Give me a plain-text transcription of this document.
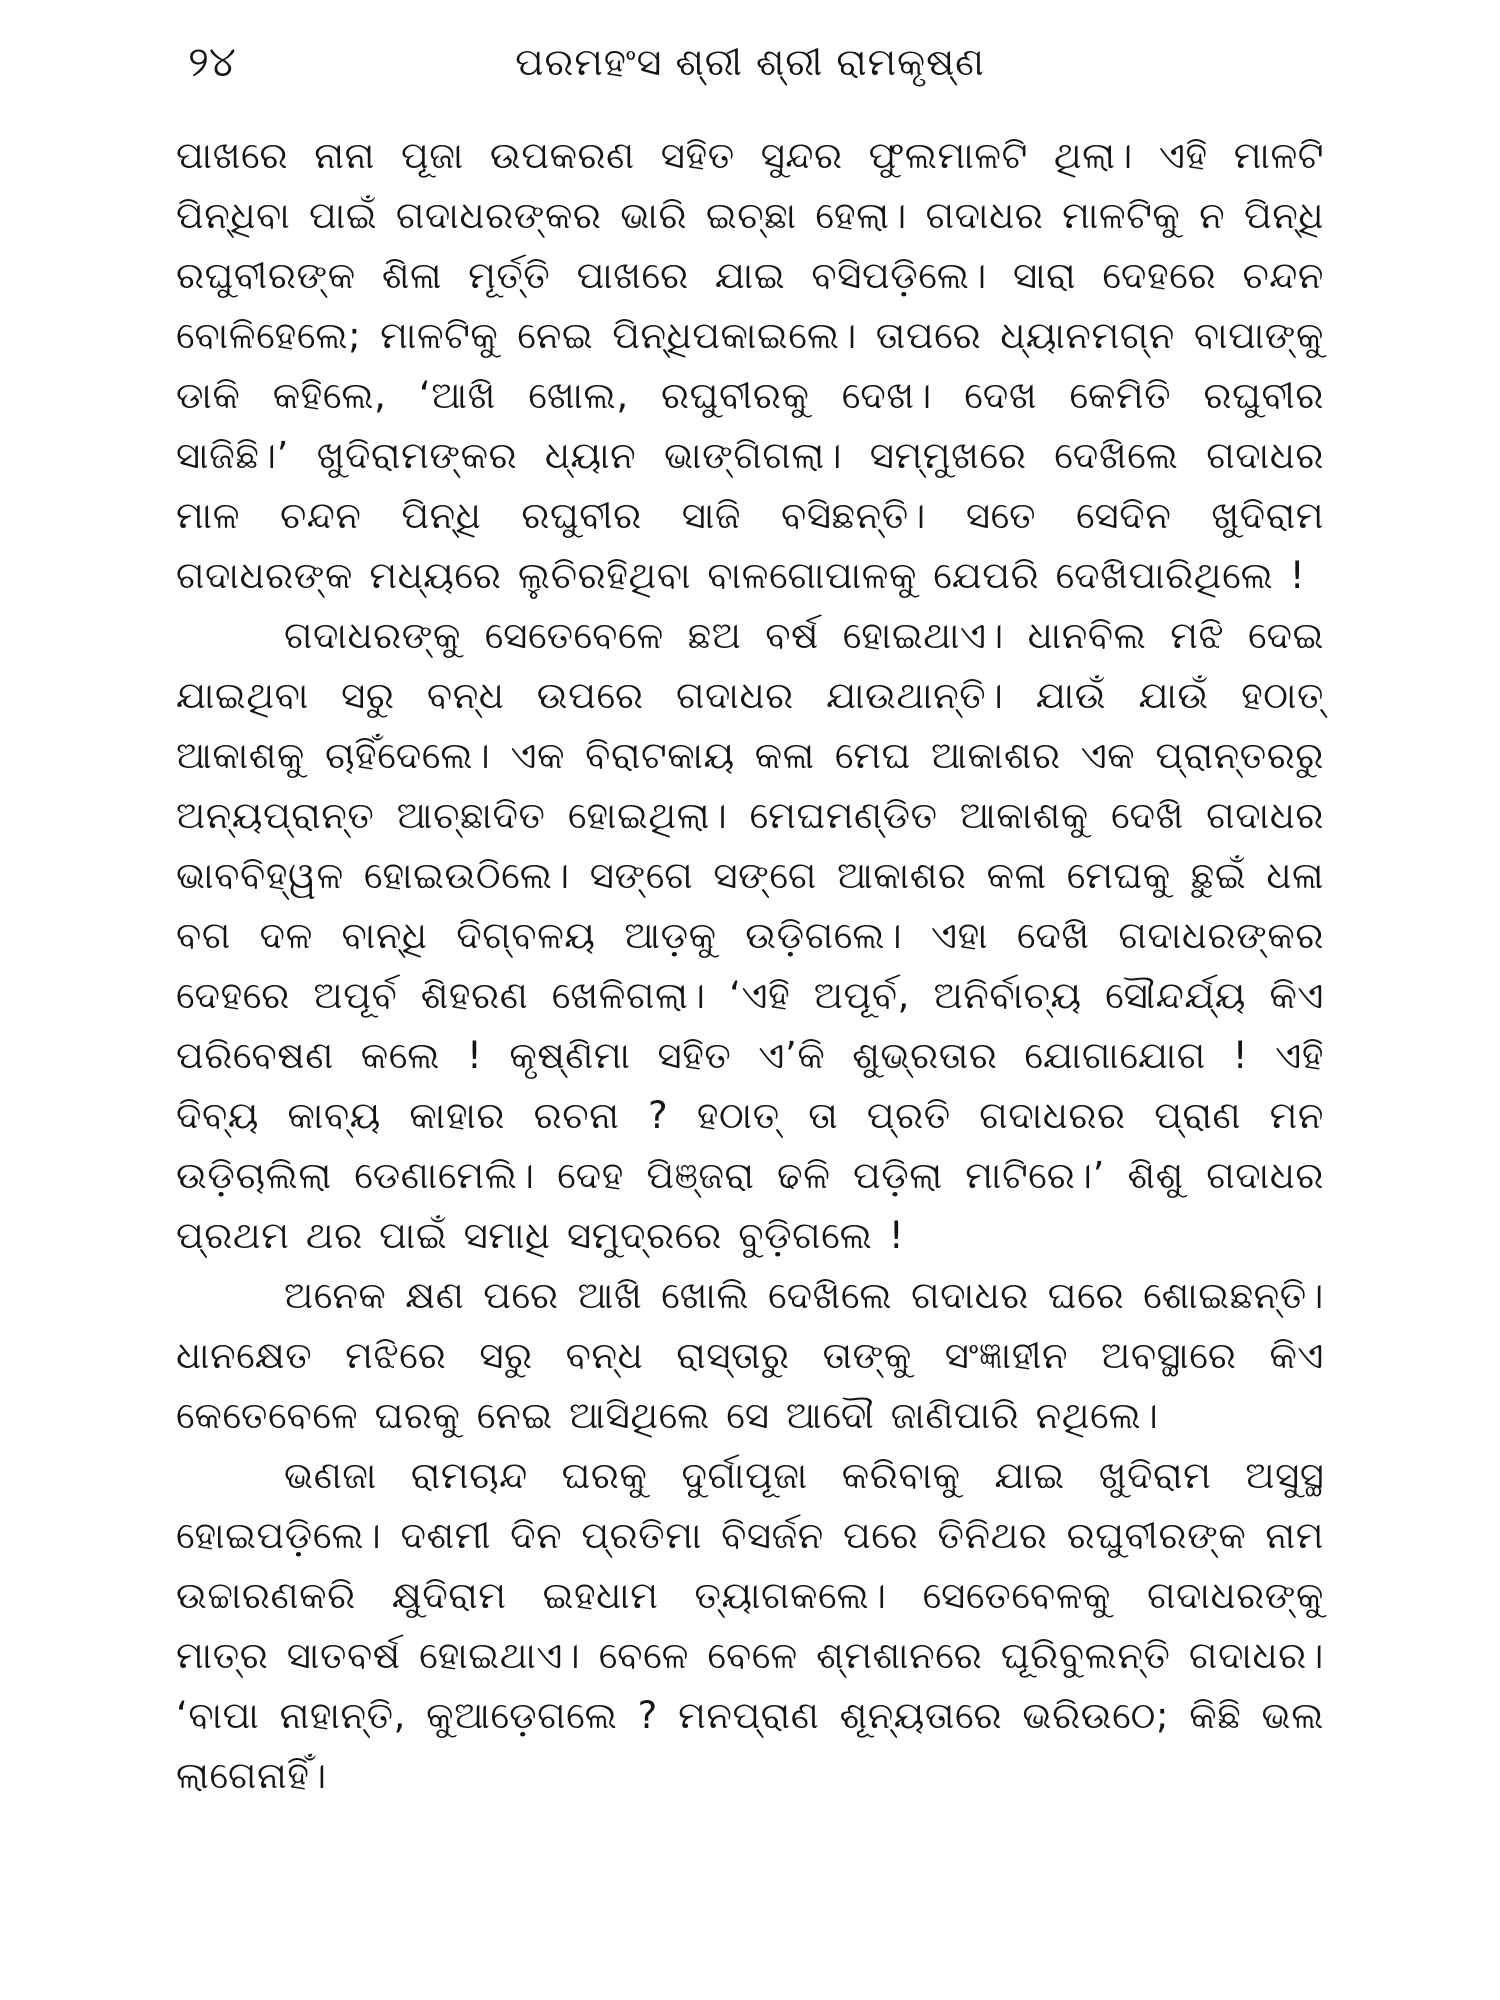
୨୪	ପରମହଂସ ଶ୍ରୀ ଶ୍ରୀ ରାମକୃଷ୍ଣ

ପାଖରେ ନାନା ପୂଜା ଉପକରଣ ସହିତ ସୁନ୍ଦର ଫୁଲମାଳଟି ଥିଲା। ଏହି ମାଳଟି ପିନ୍ଧିବା ପାଇଁ ଗଦାଧରଙ୍କର ଭାରି ଇଚ୍ଛା ହେଲା। ଗଦାଧର ମାଳଟିକୁ ନ ପିନ୍ଧି ରଘୁବୀରଙ୍କ ଶିଳା ମୂର୍ତ୍ତି ପାଖରେ ଯାଇ ବସିପଡ଼ିଲେ। ସାରା ଦେହରେ ଚନ୍ଦନ ବୋଳିହେଲେ; ମାଳଟିକୁ ନେଇ ପିନ୍ଧିପକାଇଲେ। ତାପରେ ଧ୍ୟାନମଗ୍ନ ବାପାଙ୍କୁ ଡାକି କହିଲେ, ‘ଆଖି ଖୋଲ, ରଘୁବୀରକୁ ଦେଖ। ଦେଖ କେମିତି ରଘୁବୀର ସାଜିଛି।’ ଖୁଦିରାମଙ୍କର ଧ୍ୟାନ ଭାଙ୍ଗିଗଲା। ସମ୍ମୁଖରେ ଦେଖିଲେ ଗଦାଧର ମାଳ ଚନ୍ଦନ ପିନ୍ଧି ରଘୁବୀର ସାଜି ବସିଛନ୍ତି। ସତେ ସେଦିନ ଖୁଦିରାମ ଗଦାଧରଙ୍କ ମଧ୍ୟରେ ଲୁଚିରହିଥିବା ବାଳଗୋପାଳକୁ ଯେପରି ଦେଖିପାରିଥିଲେ !

ଗଦାଧରଙ୍କୁ ସେତେବେଳେ ଛଅ ବର୍ଷ ହୋଇଥାଏ। ଧାନବିଲ ମଝି ଦେଇ ଯାଇଥିବା ସରୁ ବନ୍ଧ ଉପରେ ଗଦାଧର ଯାଉଥାନ୍ତି। ଯାଉଁ ଯାଉଁ ହଠାତ୍ ଆକାଶକୁ ଚାହିଁଦେଲେ। ଏକ ବିରାଟକାୟ କଳା ମେଘ ଆକାଶର ଏକ ପ୍ରାନ୍ତରରୁ ଅନ୍ୟପ୍ରାନ୍ତ ଆଚ୍ଛାଦିତ ହୋଇଥିଲା। ମେଘମଣ୍ଡିତ ଆକାଶକୁ ଦେଖି ଗଦାଧର ଭାବବିହ୍ୱଳ ହୋଇଉଠିଲେ। ସଙ୍ଗେ ସଙ୍ଗେ ଆକାଶର କଳା ମେଘକୁ ଛୁଇଁ ଧଳା ବଗ ଦଳ ବାନ୍ଧି ଦିଗ୍‌ବଳୟ ଆଡ଼କୁ ଉଡ଼ିଗଲେ। ଏହା ଦେଖି ଗଦାଧରଙ୍କର ଦେହରେ ଅପୂର୍ବ ଶିହରଣ ଖେଳିଗଲା। ‘ଏହି ଅପୂର୍ବ, ଅନିର୍ବାଚ୍ୟ ସୌନ୍ଦର୍ଯ୍ୟ କିଏ ପରିବେଷଣ କଲେ ! କୃଷ୍ଣିମା ସହିତ ଏ’କି ଶୁଭ୍ରତାର ଯୋଗାଯୋଗ ! ଏହି ଦିବ୍ୟ କାବ୍ୟ କାହାର ରଚନା ? ହଠାତ୍ ତା ପ୍ରତି ଗଦାଧରର ପ୍ରାଣ ମନ ଉଡ଼ିଚାଲିଲା ଡେଣାମେଲି। ଦେହ ପିଞ୍ଜରା ଢଳି ପଡ଼ିଲା ମାଟିରେ।’ ଶିଶୁ ଗଦାଧର ପ୍ରଥମ ଥର ପାଇଁ ସମାଧି ସମୁଦ୍ରରେ ବୁଡ଼ିଗଲେ !

ଅନେକ କ୍ଷଣ ପରେ ଆଖି ଖୋଲି ଦେଖିଲେ ଗଦାଧର ଘରେ ଶୋଇଛନ୍ତି। ଧାନକ୍ଷେତ ମଝିରେ ସରୁ ବନ୍ଧ ରାସ୍ତାରୁ ତାଙ୍କୁ ସଂଜ୍ଞାହୀନ ଅବସ୍ଥାରେ କିଏ କେତେବେଳେ ଘରକୁ ନେଇ ଆସିଥିଲେ ସେ ଆଦୌ ଜାଣିପାରି ନଥିଲେ।

ଭଣଜା ରାମଚାନ୍ଦ ଘରକୁ ଦୁର୍ଗାପୂଜା କରିବାକୁ ଯାଇ ଖୁଦିରାମ ଅସୁସ୍ଥ ହୋଇପଡ଼ିଲେ। ଦଶମୀ ଦିନ ପ୍ରତିମା ବିସର୍ଜନ ପରେ ତିନିଥର ରଘୁବୀରଙ୍କ ନାମ ଉଚ୍ଚାରଣକରି କ୍ଷୁଦିରାମ ଇହଧାମ ତ୍ୟାଗକଲେ। ସେତେବେଳକୁ ଗଦାଧରଙ୍କୁ ମାତ୍ର ସାତବର୍ଷ ହୋଇଥାଏ। ବେଳେ ବେଳେ ଶ୍ମଶାନରେ ଘୂରିବୁଲନ୍ତି ଗଦାଧର। ‘ବାପା ନାହାନ୍ତି, କୁଆଡ଼େଗଲେ ? ମନପ୍ରାଣ ଶୂନ୍ୟତାରେ ଭରିଉଠେ; କିଛି ଭଲ ଲାଗେନାହିଁ।
